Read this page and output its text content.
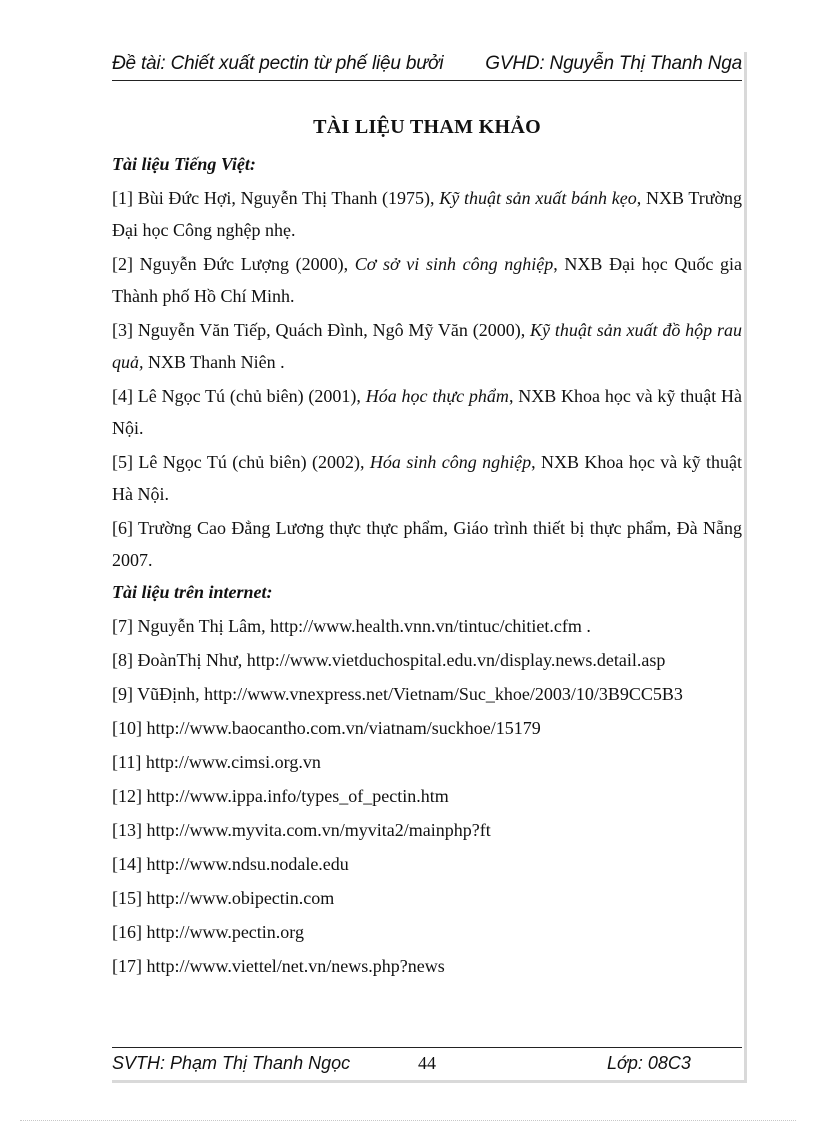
Đề tài: Chiết xuất pectin từ phế liệu bưởi GVHD: Nguyễn Thị Thanh Nga
TÀI LIỆU THAM KHẢO
Tài liệu Tiếng Việt:
[1] Bùi Đức Hợi, Nguyễn Thị Thanh (1975), Kỹ thuật sản xuất bánh kẹo, NXB Trường Đại học Công nghệp nhẹ.
[2] Nguyễn Đức Lượng (2000), Cơ sở vi sinh công nghiệp, NXB Đại học Quốc gia Thành phố Hồ Chí Minh.
[3] Nguyễn Văn Tiếp, Quách Đình, Ngô Mỹ Văn (2000), Kỹ thuật sản xuất đồ hộp rau quả, NXB Thanh Niên .
[4] Lê Ngọc Tú (chủ biên) (2001), Hóa học thực phẩm, NXB Khoa học và kỹ thuật Hà Nội.
[5] Lê Ngọc Tú (chủ biên) (2002), Hóa sinh công nghiệp, NXB Khoa học và kỹ thuật Hà Nội.
[6] Trường Cao Đẳng Lương thực thực phẩm, Giáo trình thiết bị thực phẩm, Đà Nẵng 2007.
Tài liệu trên internet:
[7] Nguyễn Thị Lâm, http://www.health.vnn.vn/tintuc/chitiet.cfm .
[8] ĐoànThị Như, http://www.vietduchospital.edu.vn/display.news.detail.asp
[9] VũĐịnh, http://www.vnexpress.net/Vietnam/Suc_khoe/2003/10/3B9CC5B3
[10] http://www.baocantho.com.vn/viatnam/suckhoe/15179
[11] http://www.cimsi.org.vn
[12] http://www.ippa.info/types_of_pectin.htm
[13] http://www.myvita.com.vn/myvita2/mainphp?ft
[14] http://www.ndsu.nodale.edu
[15] http://www.obipectin.com
[16] http://www.pectin.org
[17] http://www.viettel/net.vn/news.php?news
SVTH: Phạm Thị Thanh Ngọc	44	Lớp: 08C3
